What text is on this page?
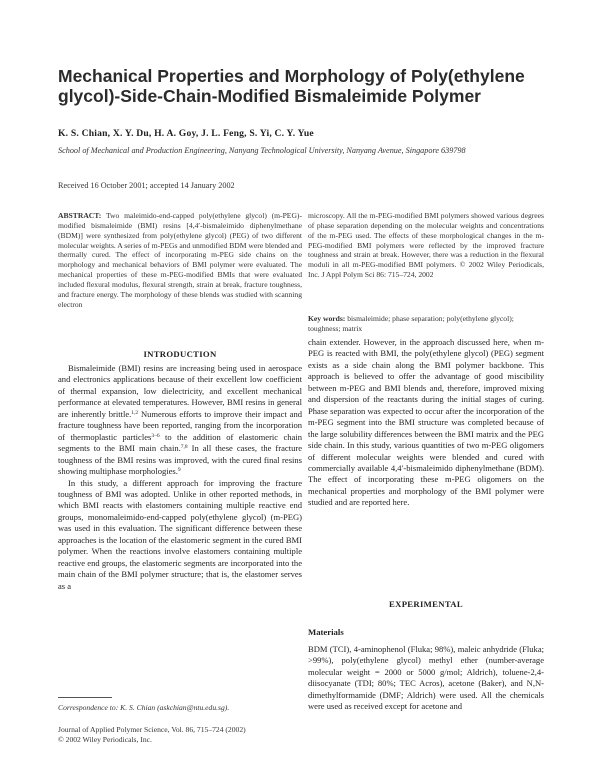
Mechanical Properties and Morphology of Poly(ethylene glycol)-Side-Chain-Modified Bismaleimide Polymer
K. S. Chian, X. Y. Du, H. A. Goy, J. L. Feng, S. Yi, C. Y. Yue
School of Mechanical and Production Engineering, Nanyang Technological University, Nanyang Avenue, Singapore 639798
Received 16 October 2001; accepted 14 January 2002
ABSTRACT: Two maleimido-end-capped poly(ethylene glycol) (m-PEG)-modified bismaleimide (BMI) resins [4,4′-bismaleimido diphenylmethane (BDM)] were synthesized from poly(ethylene glycol) (PEG) of two different molecular weights. A series of m-PEGs and unmodified BDM were blended and thermally cured. The effect of incorporating m-PEG side chains on the morphology and mechanical behaviors of BMI polymer were evaluated. The mechanical properties of these m-PEG-modified BMIs that were evaluated included flexural modulus, flexural strength, strain at break, fracture toughness, and fracture energy. The morphology of these blends was studied with scanning electron
microscopy. All the m-PEG-modified BMI polymers showed various degrees of phase separation depending on the molecular weights and concentrations of the m-PEG used. The effects of these morphological changes in the m-PEG-modified BMI polymers were reflected by the improved fracture toughness and strain at break. However, there was a reduction in the flexural moduli in all m-PEG-modified BMI polymers. © 2002 Wiley Periodicals, Inc. J Appl Polym Sci 86: 715–724, 2002
Key words: bismaleimide; phase separation; poly(ethylene glycol); toughness; matrix
INTRODUCTION
Bismaleimide (BMI) resins are increasing being used in aerospace and electronics applications because of their excellent low coefficient of thermal expansion, low dielectricity, and excellent mechanical performance at elevated temperatures. However, BMI resins in general are inherently brittle.$^{1,2}$ Numerous efforts to improve their impact and fracture toughness have been reported, ranging from the incorporation of thermoplastic particles$^{3-6}$ to the addition of elastomeric chain segments to the BMI main chain.$^{7,8}$ In all these cases, the fracture toughness of the BMI resins was improved, with the cured final resins showing multiphase morphologies.$^9$
In this study, a different approach for improving the fracture toughness of BMI was adopted. Unlike in other reported methods, in which BMI reacts with elastomers containing multiple reactive end groups, monomaleimido-end-capped poly(ethylene glycol) (m-PEG) was used in this evaluation. The significant difference between these approaches is the location of the elastomeric segment in the cured BMI polymer. When the reactions involve elastomers containing multiple reactive end groups, the elastomeric segments are incorporated into the main chain of the BMI polymer structure; that is, the elastomer serves as a
chain extender. However, in the approach discussed here, when m-PEG is reacted with BMI, the poly(ethylene glycol) (PEG) segment exists as a side chain along the BMI polymer backbone. This approach is believed to offer the advantage of good miscibility between m-PEG and BMI blends and, therefore, improved mixing and dispersion of the reactants during the initial stages of curing. Phase separation was expected to occur after the incorporation of the m-PEG segment into the BMI structure was completed because of the large solubility differences between the BMI matrix and the PEG side chain. In this study, various quantities of two m-PEG oligomers of different molecular weights were blended and cured with commercially available 4,4′-bismaleimido diphenylmethane (BDM). The effect of incorporating these m-PEG oligomers on the mechanical properties and morphology of the BMI polymer were studied and are reported here.
EXPERIMENTAL
Materials
BDM (TCI), 4-aminophenol (Fluka; 98%), maleic anhydride (Fluka; >99%), poly(ethylene glycol) methyl ether (number-average molecular weight = 2000 or 5000 g/mol; Aldrich), toluene-2,4-diisocyanate (TDI; 80%; TEC Acros), acetone (Baker), and N,N-dimethylformamide (DMF; Aldrich) were used. All the chemicals were used as received except for acetone and
Correspondence to: K. S. Chian (askchian@ntu.edu.sg).
Journal of Applied Polymer Science, Vol. 86, 715–724 (2002)
© 2002 Wiley Periodicals, Inc.
